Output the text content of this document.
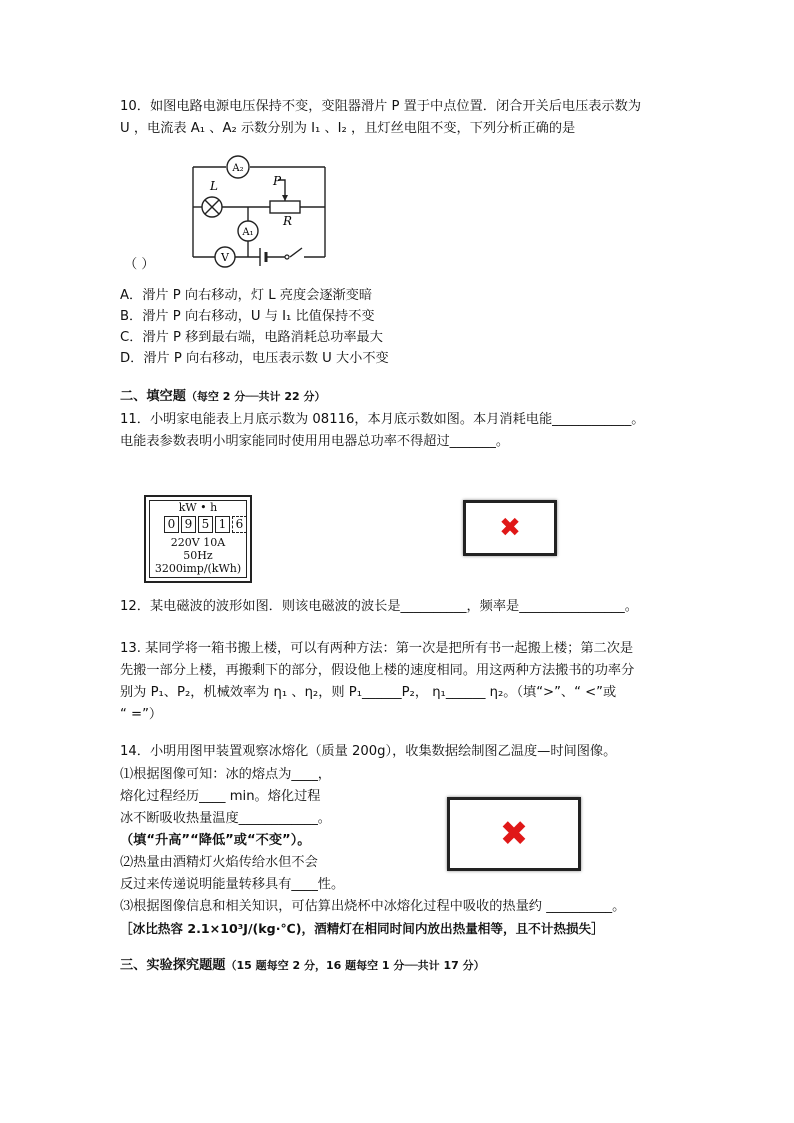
10．如图电路电源电压保持不变，变阻器滑片 P 置于中点位置．闭合开关后电压表示数为
U ，电流表 A₁ 、A₂ 示数分别为 I₁ 、I₂ ，且灯丝电阻不变，下列分析正确的是
A₂
L	P
R
A₁
V
（ ）
A．滑片 P 向右移动，灯 L 亮度会逐渐变暗
B．滑片 P 向右移动，U 与 I₁ 比值保持不变
C．滑片 P 移到最右端，电路消耗总功率最大
D．滑片 P 向右移动，电压表示数 U 大小不变
二、填空题（每空 2 分──共计 22 分）
11．小明家电能表上月底示数为 08116，本月底示数如图。本月消耗电能____________。
电能表参数表明小明家能同时使用用电器总功率不得超过_______。
kW • h
0 9 5 1 6
220V 10A
50Hz
3200imp/(kWh)
✖
12．某电磁波的波形如图．则该电磁波的波长是__________，频率是________________。
13. 某同学将一箱书搬上楼，可以有两种方法：第一次是把所有书一起搬上楼；第二次是
先搬一部分上楼，再搬剩下的部分，假设他上楼的速度相同。用这两种方法搬书的功率分
别为 P₁、P₂，机械效率为 η₁ 、η₂，则 P₁______P₂， η₁______ η₂。（填“>”、“ <”或
“ =”）
14．小明用图甲装置观察冰熔化（质量 200g），收集数据绘制图乙温度—时间图像。
⑴根据图像可知：冰的熔点为____，
熔化过程经历____ min。熔化过程
冰不断吸收热量温度____________。
（填“升高”“降低”或“不变”）。
⑵热量由酒精灯火焰传给水但不会
反过来传递说明能量转移具有____性。
⑶根据图像信息和相关知识，可估算出烧杯中冰熔化过程中吸收的热量约 __________。
［冰比热容 2.1×10³J/(kg·℃)，酒精灯在相同时间内放出热量相等，且不计热损失］
✖
三、实验探究题题（15 题每空 2 分，16 题每空 1 分──共计 17 分）
